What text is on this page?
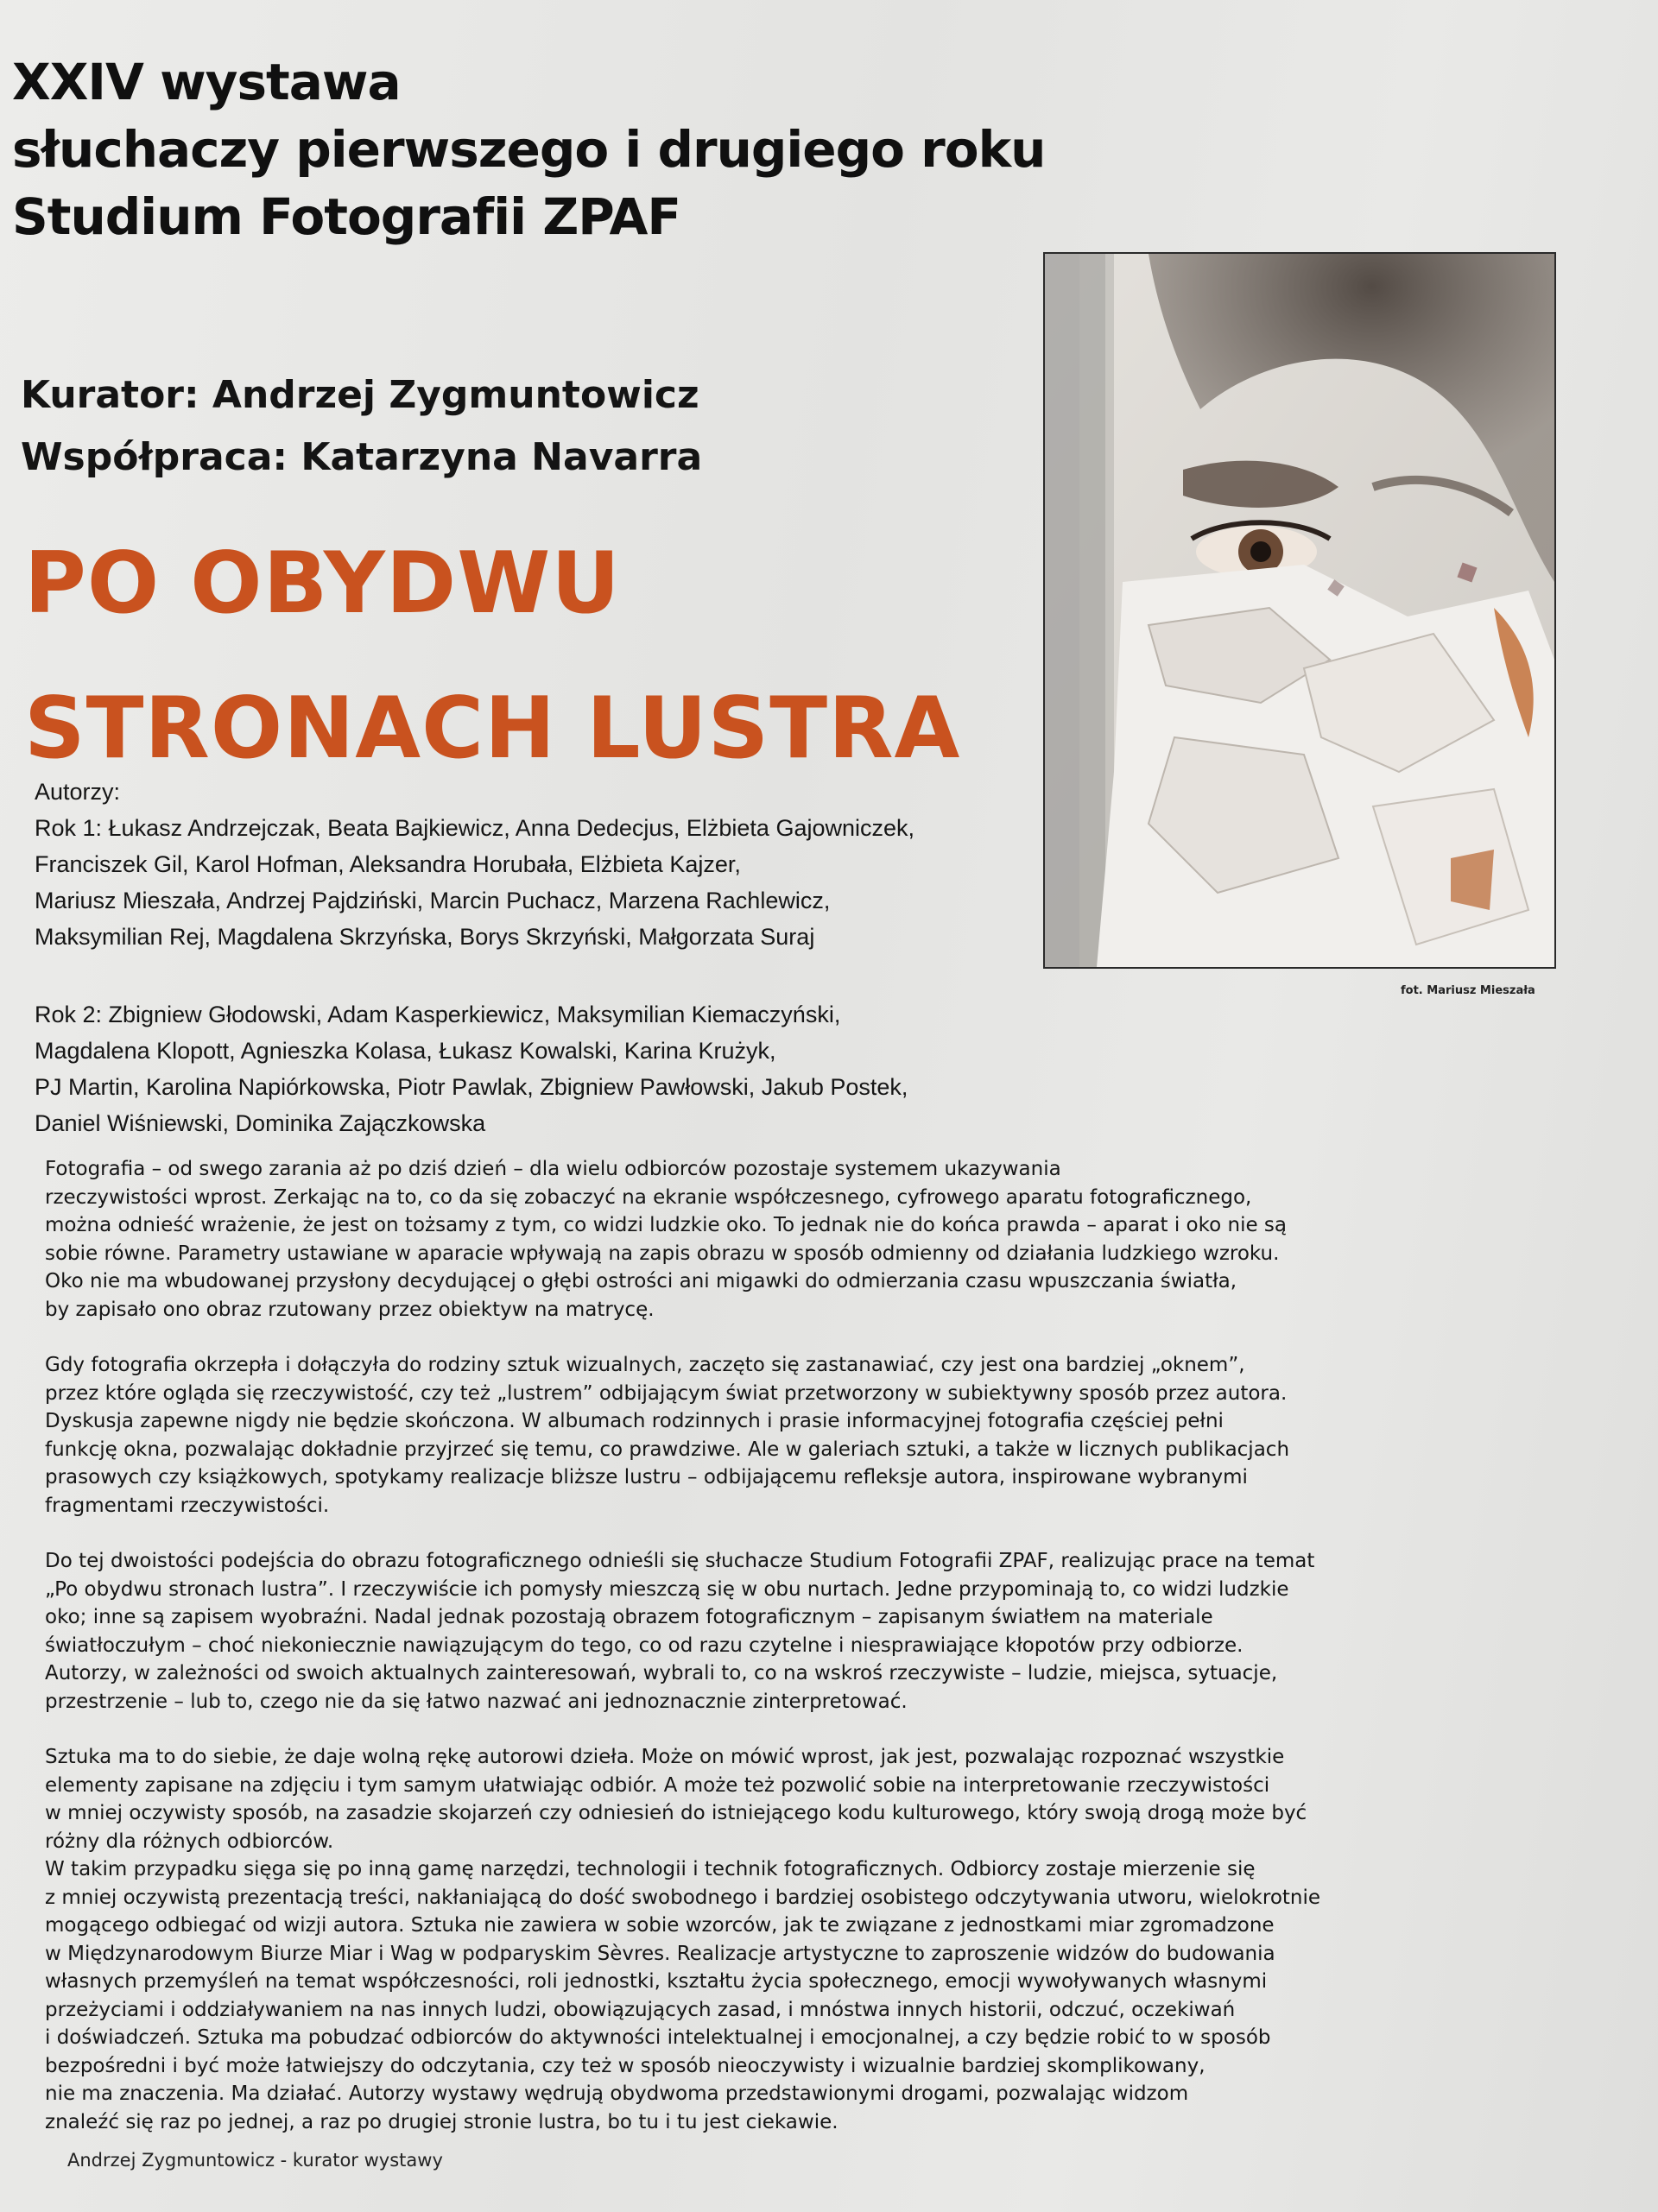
XXIV wystawa
słuchaczy pierwszego i drugiego roku
Studium Fotografii ZPAF
Kurator: Andrzej Zygmuntowicz
Współpraca: Katarzyna Navarra
PO OBYDWU
STRONACH LUSTRA
fot. Mariusz Mieszała
Autorzy:
Rok 1: Łukasz Andrzejczak, Beata Bajkiewicz, Anna Dedecjus, Elżbieta Gajowniczek,
Franciszek Gil, Karol Hofman, Aleksandra Horubała, Elżbieta Kajzer,
Mariusz Mieszała, Andrzej Pajdziński, Marcin Puchacz, Marzena Rachlewicz,
Maksymilian Rej, Magdalena Skrzyńska, Borys Skrzyński, Małgorzata Suraj
Rok 2: Zbigniew Głodowski, Adam Kasperkiewicz, Maksymilian Kiemaczyński,
Magdalena Klopott, Agnieszka Kolasa, Łukasz Kowalski, Karina Krużyk,
PJ Martin, Karolina Napiórkowska, Piotr Pawlak, Zbigniew Pawłowski, Jakub Postek,
Daniel Wiśniewski, Dominika Zajączkowska
Fotografia – od swego zarania aż po dziś dzień – dla wielu odbiorców pozostaje systemem ukazywania
rzeczywistości wprost. Zerkając na to, co da się zobaczyć na ekranie współczesnego, cyfrowego aparatu fotograficznego,
można odnieść wrażenie, że jest on tożsamy z tym, co widzi ludzkie oko. To jednak nie do końca prawda – aparat i oko nie są
sobie równe. Parametry ustawiane w aparacie wpływają na zapis obrazu w sposób odmienny od działania ludzkiego wzroku.
Oko nie ma wbudowanej przysłony decydującej o głębi ostrości ani migawki do odmierzania czasu wpuszczania światła,
by zapisało ono obraz rzutowany przez obiektyw na matrycę.
Gdy fotografia okrzepła i dołączyła do rodziny sztuk wizualnych, zaczęto się zastanawiać, czy jest ona bardziej „oknem”,
przez które ogląda się rzeczywistość, czy też „lustrem” odbijającym świat przetworzony w subiektywny sposób przez autora.
Dyskusja zapewne nigdy nie będzie skończona. W albumach rodzinnych i prasie informacyjnej fotografia częściej pełni
funkcję okna, pozwalając dokładnie przyjrzeć się temu, co prawdziwe. Ale w galeriach sztuki, a także w licznych publikacjach
prasowych czy książkowych, spotykamy realizacje bliższe lustru – odbijającemu refleksje autora, inspirowane wybranymi
fragmentami rzeczywistości.
Do tej dwoistości podejścia do obrazu fotograficznego odnieśli się słuchacze Studium Fotografii ZPAF, realizując prace na temat
„Po obydwu stronach lustra”. I rzeczywiście ich pomysły mieszczą się w obu nurtach. Jedne przypominają to, co widzi ludzkie
oko; inne są zapisem wyobraźni. Nadal jednak pozostają obrazem fotograficznym – zapisanym światłem na materiale
światłoczułym – choć niekoniecznie nawiązującym do tego, co od razu czytelne i niesprawiające kłopotów przy odbiorze.
Autorzy, w zależności od swoich aktualnych zainteresowań, wybrali to, co na wskroś rzeczywiste – ludzie, miejsca, sytuacje,
przestrzenie – lub to, czego nie da się łatwo nazwać ani jednoznacznie zinterpretować.
Sztuka ma to do siebie, że daje wolną rękę autorowi dzieła. Może on mówić wprost, jak jest, pozwalając rozpoznać wszystkie
elementy zapisane na zdjęciu i tym samym ułatwiając odbiór. A może też pozwolić sobie na interpretowanie rzeczywistości
w mniej oczywisty sposób, na zasadzie skojarzeń czy odniesień do istniejącego kodu kulturowego, który swoją drogą może być
różny dla różnych odbiorców.
W takim przypadku sięga się po inną gamę narzędzi, technologii i technik fotograficznych. Odbiorcy zostaje mierzenie się
z mniej oczywistą prezentacją treści, nakłaniającą do dość swobodnego i bardziej osobistego odczytywania utworu, wielokrotnie
mogącego odbiegać od wizji autora. Sztuka nie zawiera w sobie wzorców, jak te związane z jednostkami miar zgromadzone
w Międzynarodowym Biurze Miar i Wag w podparyskim Sèvres. Realizacje artystyczne to zaproszenie widzów do budowania
własnych przemyśleń na temat współczesności, roli jednostki, kształtu życia społecznego, emocji wywoływanych własnymi
przeżyciami i oddziaływaniem na nas innych ludzi, obowiązujących zasad, i mnóstwa innych historii, odczuć, oczekiwań
i doświadczeń. Sztuka ma pobudzać odbiorców do aktywności intelektualnej i emocjonalnej, a czy będzie robić to w sposób
bezpośredni i być może łatwiejszy do odczytania, czy też w sposób nieoczywisty i wizualnie bardziej skomplikowany,
nie ma znaczenia. Ma działać. Autorzy wystawy wędrują obydwoma przedstawionymi drogami, pozwalając widzom
znaleźć się raz po jednej, a raz po drugiej stronie lustra, bo tu i tu jest ciekawie.
Andrzej Zygmuntowicz - kurator wystawy
